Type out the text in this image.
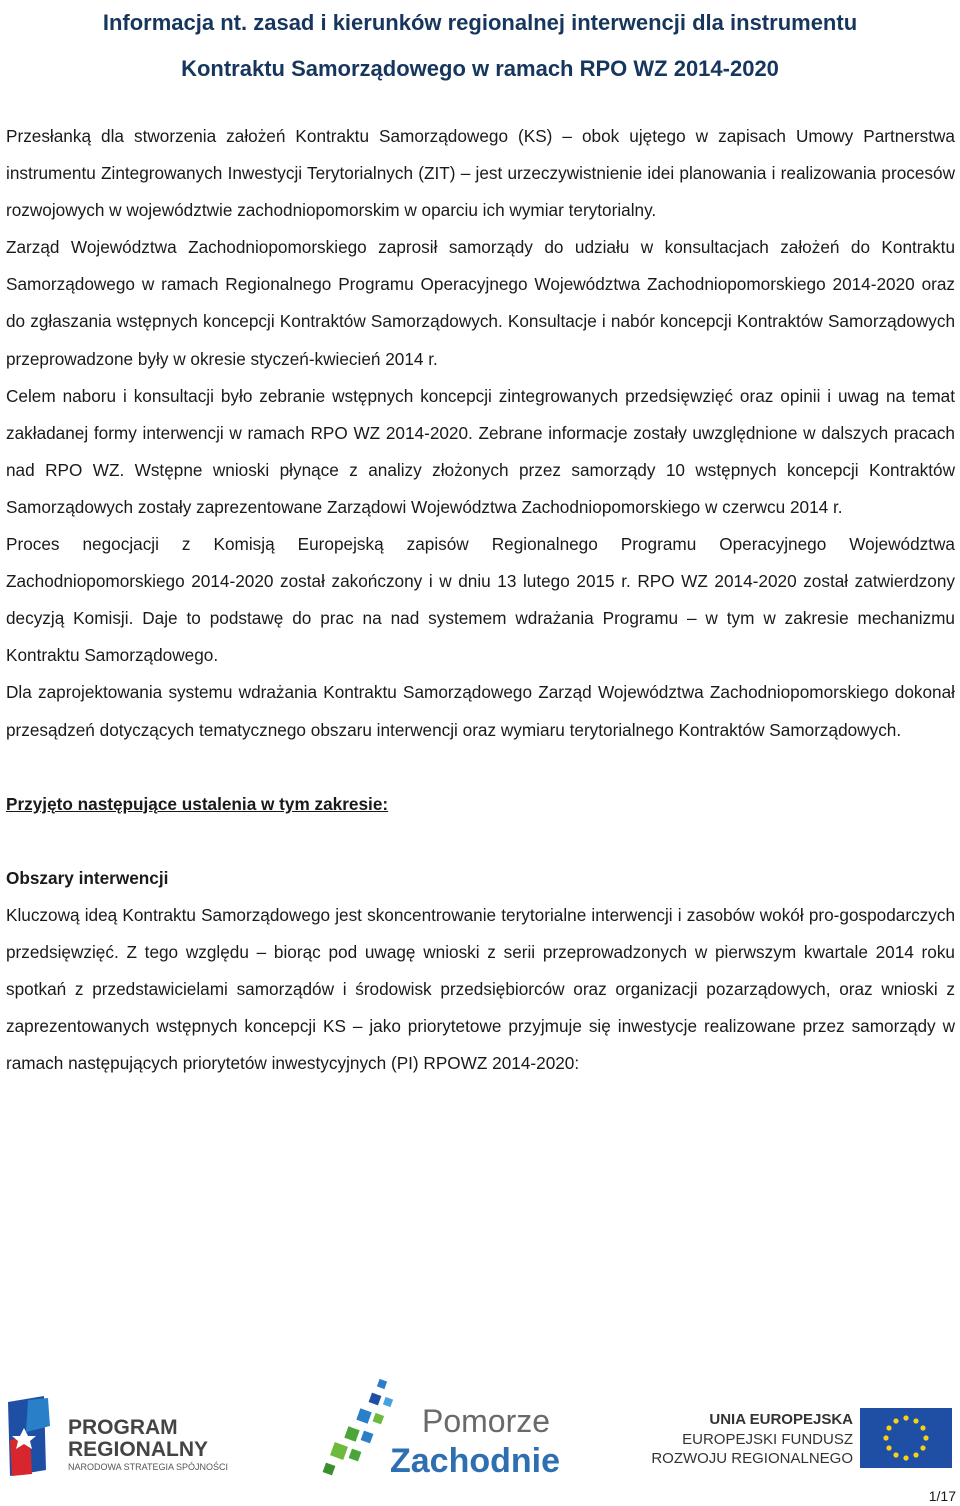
Informacja nt. zasad i kierunków regionalnej interwencji dla instrumentu
Kontraktu Samorządowego w ramach RPO WZ 2014-2020

Przesłanką dla stworzenia założeń Kontraktu Samorządowego (KS) – obok ujętego w zapisach Umowy Partnerstwa instrumentu Zintegrowanych Inwestycji Terytorialnych (ZIT) – jest urzeczywistnienie idei planowania i realizowania procesów rozwojowych w województwie zachodniopomorskim w oparciu ich wymiar terytorialny.

Zarząd Województwa Zachodniopomorskiego zaprosił samorządy do udziału w konsultacjach założeń do Kontraktu Samorządowego w ramach Regionalnego Programu Operacyjnego Województwa Zachodniopomorskiego 2014-2020 oraz do zgłaszania wstępnych koncepcji Kontraktów Samorządowych. Konsultacje i nabór koncepcji Kontraktów Samorządowych przeprowadzone były w okresie styczeń-kwiecień 2014 r.

Celem naboru i konsultacji było zebranie wstępnych koncepcji zintegrowanych przedsięwzięć oraz opinii i uwag na temat zakładanej formy interwencji w ramach RPO WZ 2014-2020. Zebrane informacje zostały uwzględnione w dalszych pracach nad RPO WZ. Wstępne wnioski płynące z analizy złożonych przez samorządy 10 wstępnych koncepcji Kontraktów Samorządowych zostały zaprezentowane Zarządowi Województwa Zachodniopomorskiego w czerwcu 2014 r.

Proces negocjacji z Komisją Europejską zapisów Regionalnego Programu Operacyjnego Województwa Zachodniopomorskiego 2014-2020 został zakończony i w dniu 13 lutego 2015 r. RPO WZ 2014-2020 został zatwierdzony decyzją Komisji. Daje to podstawę do prac na nad systemem wdrażania Programu – w tym w zakresie mechanizmu Kontraktu Samorządowego.

Dla zaprojektowania systemu wdrażania Kontraktu Samorządowego Zarząd Województwa Zachodniopomorskiego dokonał przesądzeń dotyczących tematycznego obszaru interwencji oraz wymiaru terytorialnego Kontraktów Samorządowych.

Przyjęto następujące ustalenia w tym zakresie:
Obszary interwencji

Kluczową ideą Kontraktu Samorządowego jest skoncentrowanie terytorialne interwencji i zasobów wokół pro-gospodarczych przedsięwzięć. Z tego względu – biorąc pod uwagę wnioski z serii przeprowadzonych w pierwszym kwartale 2014 roku spotkań z przedstawicielami samorządów i środowisk przedsiębiorców oraz organizacji pozarządowych, oraz wnioski z zaprezentowanych wstępnych koncepcji KS – jako priorytetowe przyjmuje się inwestycje realizowane przez samorządy w ramach następujących priorytetów inwestycyjnych (PI) RPOWZ 2014-2020:

PROGRAM
REGIONALNY
NARODOWA STRATEGIA SPÓJNOŚCI
Pomorze
Zachodnie
UNIA EUROPEJSKA
EUROPEJSKI FUNDUSZ
ROZWOJU REGIONALNEGO
1/17
